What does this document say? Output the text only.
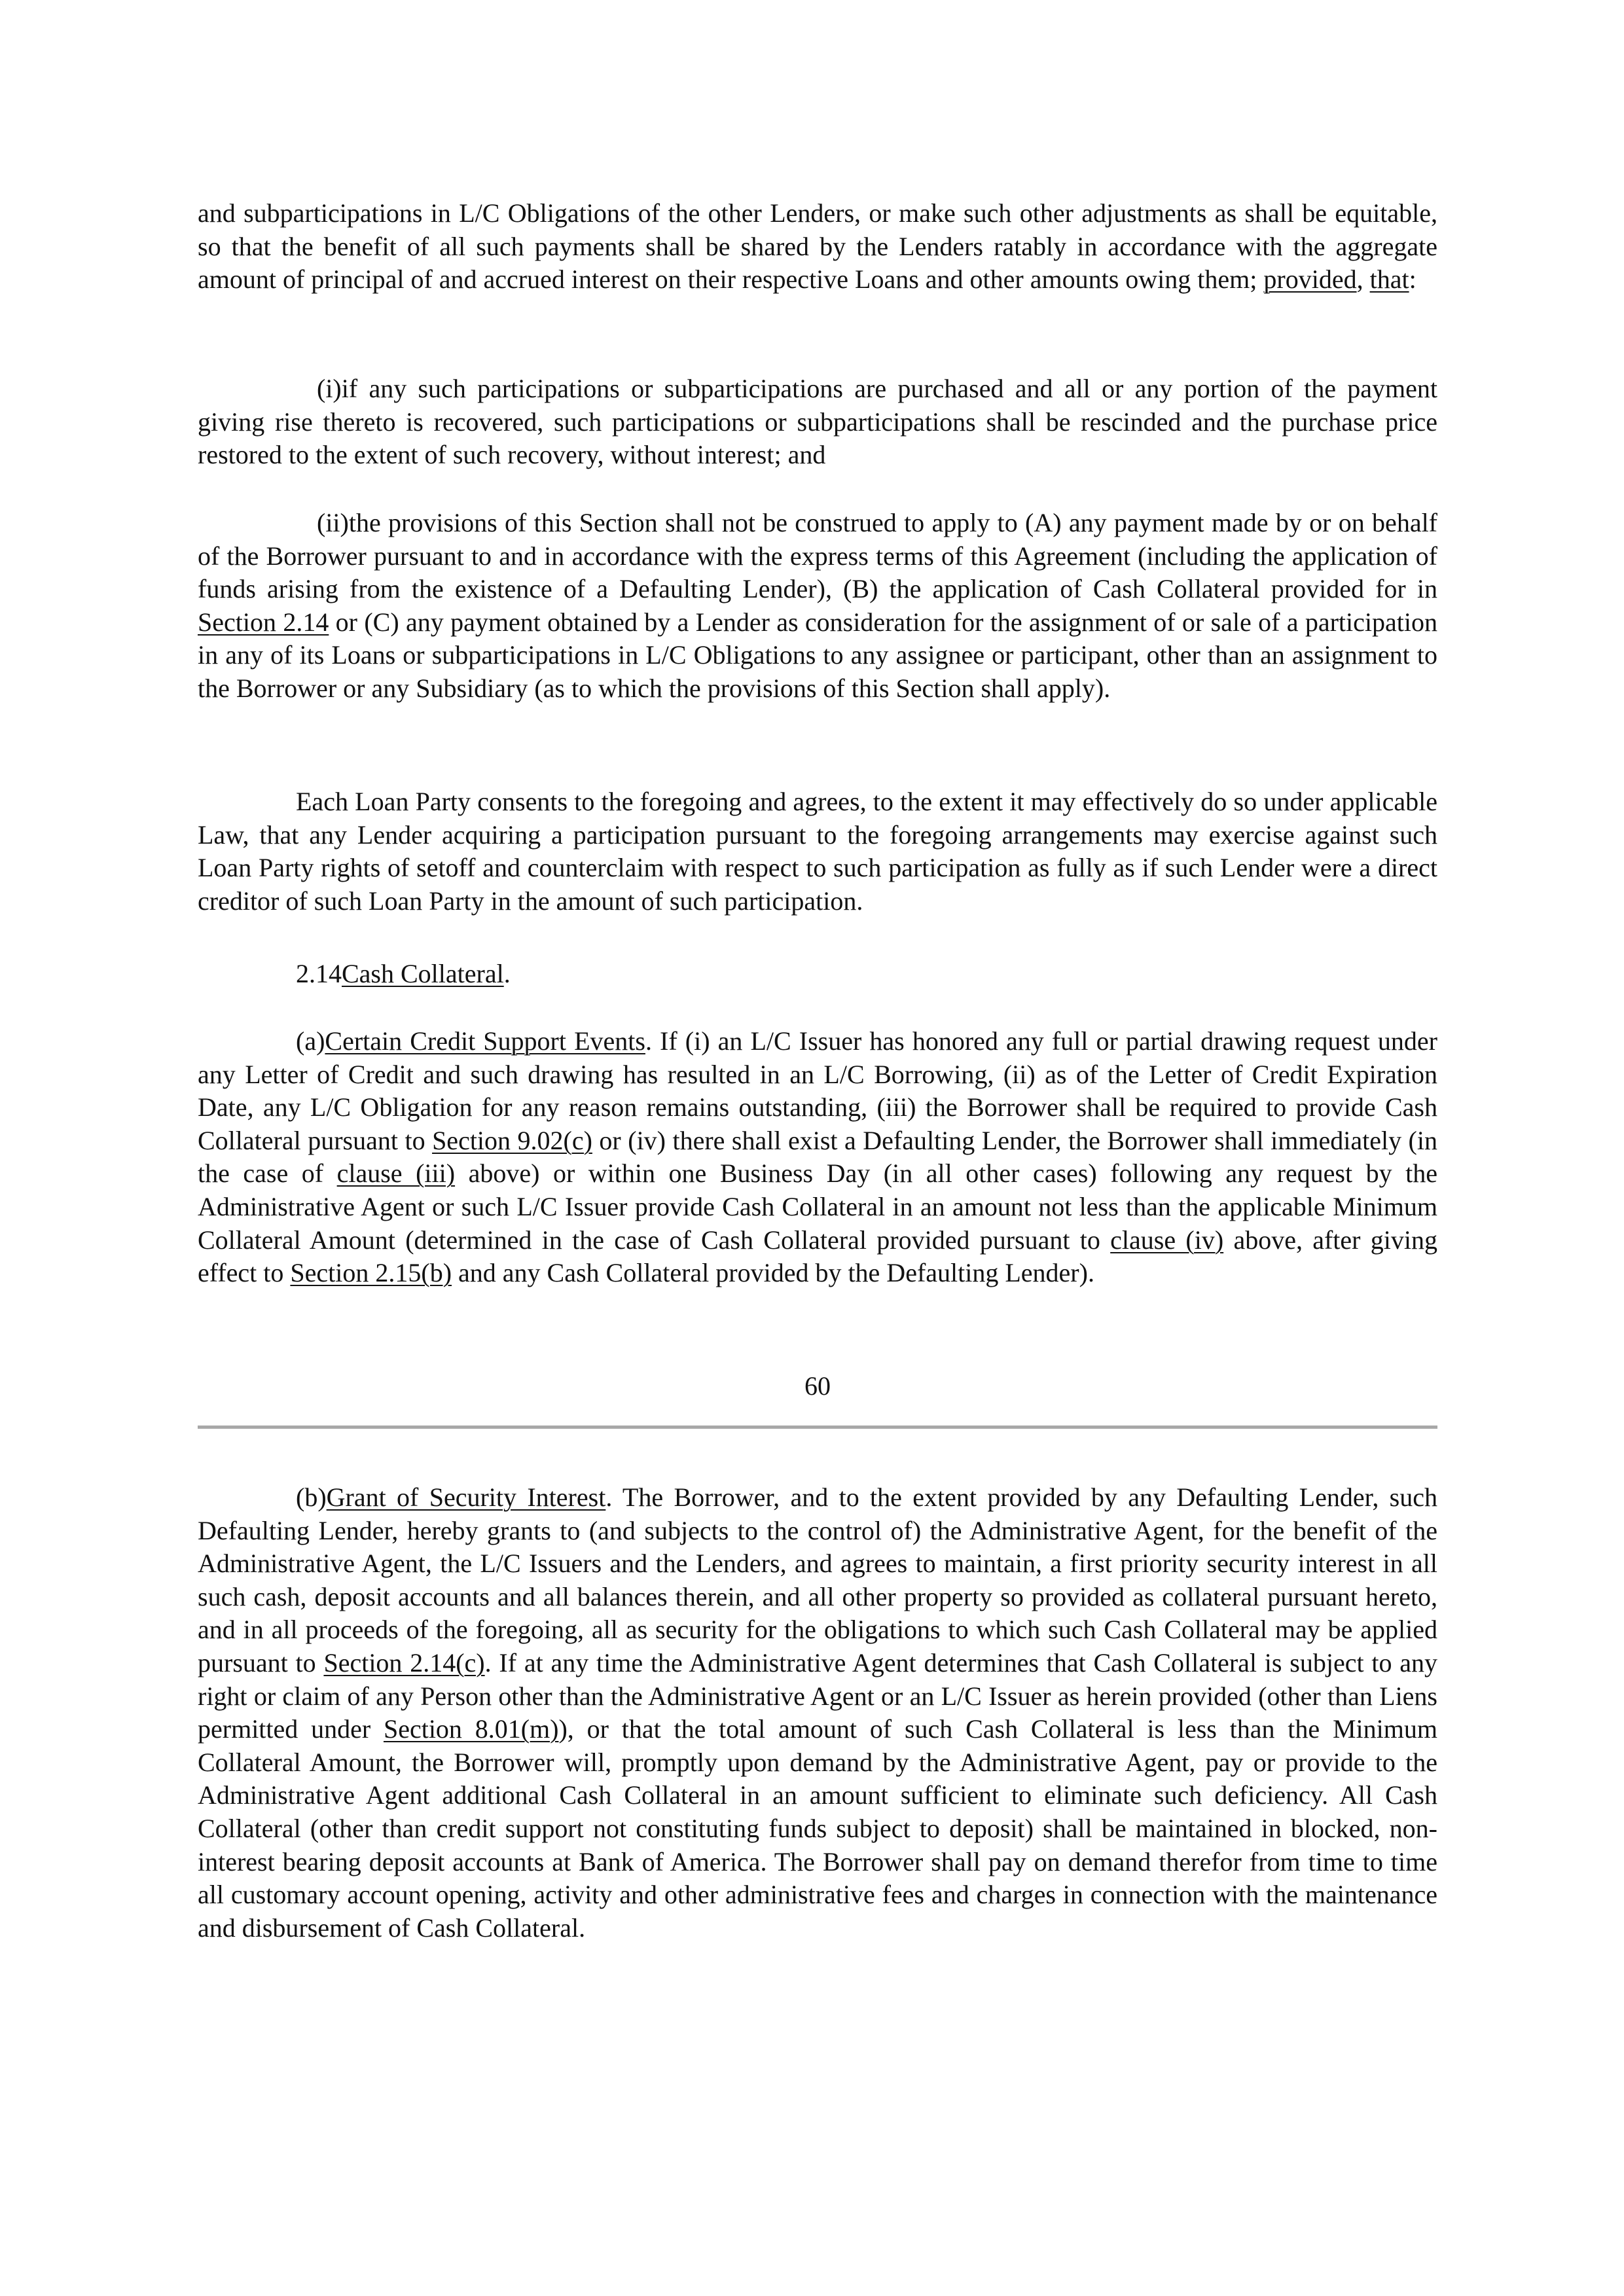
and subparticipations in L/C Obligations of the other Lenders, or make such other adjustments as shall be equitable, so that the benefit of all such payments shall be shared by the Lenders ratably in accordance with the aggregate amount of principal of and accrued interest on their respective Loans and other amounts owing them; provided, that:

(i)if any such participations or subparticipations are purchased and all or any portion of the payment giving rise thereto is recovered, such participations or subparticipations shall be rescinded and the purchase price restored to the extent of such recovery, without interest; and

(ii)the provisions of this Section shall not be construed to apply to (A) any payment made by or on behalf of the Borrower pursuant to and in accordance with the express terms of this Agreement (including the application of funds arising from the existence of a Defaulting Lender), (B) the application of Cash Collateral provided for in Section 2.14 or (C) any payment obtained by a Lender as consideration for the assignment of or sale of a participation in any of its Loans or subparticipations in L/C Obligations to any assignee or participant, other than an assignment to the Borrower or any Subsidiary (as to which the provisions of this Section shall apply).

Each Loan Party consents to the foregoing and agrees, to the extent it may effectively do so under applicable Law, that any Lender acquiring a participation pursuant to the foregoing arrangements may exercise against such Loan Party rights of setoff and counterclaim with respect to such participation as fully as if such Lender were a direct creditor of such Loan Party in the amount of such participation.

2.14Cash Collateral.

(a)Certain Credit Support Events. If (i) an L/C Issuer has honored any full or partial drawing request under any Letter of Credit and such drawing has resulted in an L/C Borrowing, (ii) as of the Letter of Credit Expiration Date, any L/C Obligation for any reason remains outstanding, (iii) the Borrower shall be required to provide Cash Collateral pursuant to Section 9.02(c) or (iv) there shall exist a Defaulting Lender, the Borrower shall immediately (in the case of clause (iii) above) or within one Business Day (in all other cases) following any request by the Administrative Agent or such L/C Issuer provide Cash Collateral in an amount not less than the applicable Minimum Collateral Amount (determined in the case of Cash Collateral provided pursuant to clause (iv) above, after giving effect to Section 2.15(b) and any Cash Collateral provided by the Defaulting Lender).

60

(b)Grant of Security Interest. The Borrower, and to the extent provided by any Defaulting Lender, such Defaulting Lender, hereby grants to (and subjects to the control of) the Administrative Agent, for the benefit of the Administrative Agent, the L/C Issuers and the Lenders, and agrees to maintain, a first priority security interest in all such cash, deposit accounts and all balances therein, and all other property so provided as collateral pursuant hereto, and in all proceeds of the foregoing, all as security for the obligations to which such Cash Collateral may be applied pursuant to Section 2.14(c). If at any time the Administrative Agent determines that Cash Collateral is subject to any right or claim of any Person other than the Administrative Agent or an L/C Issuer as herein provided (other than Liens permitted under Section 8.01(m)), or that the total amount of such Cash Collateral is less than the Minimum Collateral Amount, the Borrower will, promptly upon demand by the Administrative Agent, pay or provide to the Administrative Agent additional Cash Collateral in an amount sufficient to eliminate such deficiency. All Cash Collateral (other than credit support not constituting funds subject to deposit) shall be maintained in blocked, non-interest bearing deposit accounts at Bank of America. The Borrower shall pay on demand therefor from time to time all customary account opening, activity and other administrative fees and charges in connection with the maintenance and disbursement of Cash Collateral.
